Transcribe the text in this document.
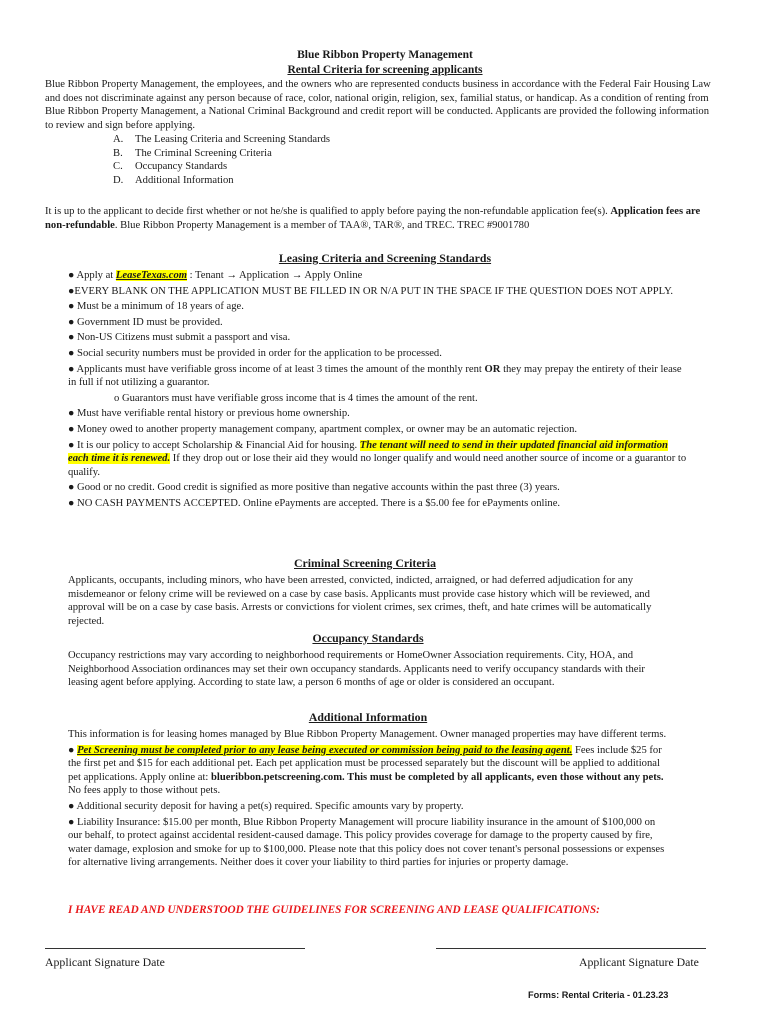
Blue Ribbon Property Management
Rental Criteria for screening applicants

Blue Ribbon Property Management, the employees, and the owners who are represented conducts business in accordance with the Federal Fair Housing Law and does not discriminate against any person because of race, color, national origin, religion, sex, familial status, or handicap. As a condition of renting from Blue Ribbon Property Management, a National Criminal Background and credit report will be conducted. Applicants are provided the following information to review and sign before applying.

A. The Leasing Criteria and Screening Standards
B. The Criminal Screening Criteria
C. Occupancy Standards
D. Additional Information

It is up to the applicant to decide first whether or not he/she is qualified to apply before paying the non-refundable application fee(s). Application fees are non-refundable. Blue Ribbon Property Management is a member of TAA®, TAR®, and TREC. TREC #9001780

Leasing Criteria and Screening Standards

● Apply at LeaseTexas.com : Tenant → Application → Apply Online

●EVERY BLANK ON THE APPLICATION MUST BE FILLED IN OR N/A PUT IN THE SPACE IF THE QUESTION DOES NOT APPLY.

● Must be a minimum of 18 years of age.

● Government ID must be provided.

● Non-US Citizens must submit a passport and visa.

● Social security numbers must be provided in order for the application to be processed.

● Applicants must have verifiable gross income of at least 3 times the amount of the monthly rent OR they may prepay the entirety of their lease in full if not utilizing a guarantor.

o Guarantors must have verifiable gross income that is 4 times the amount of the rent.

● Must have verifiable rental history or previous home ownership.

● Money owed to another property management company, apartment complex, or owner may be an automatic rejection.

● It is our policy to accept Scholarship & Financial Aid for housing. The tenant will need to send in their updated financial aid information each time it is renewed. If they drop out or lose their aid they would no longer qualify and would need another source of income or a guarantor to qualify.

● Good or no credit. Good credit is signified as more positive than negative accounts within the past three (3) years.

● NO CASH PAYMENTS ACCEPTED. Online ePayments are accepted. There is a $5.00 fee for ePayments online.

Criminal Screening Criteria

Applicants, occupants, including minors, who have been arrested, convicted, indicted, arraigned, or had deferred adjudication for any misdemeanor or felony crime will be reviewed on a case by case basis. Applicants must provide case history which will be reviewed, and approval will be on a case by case basis. Arrests or convictions for violent crimes, sex crimes, theft, and hate crimes will be automatically rejected.

Occupancy Standards

Occupancy restrictions may vary according to neighborhood requirements or HomeOwner Association requirements. City, HOA, and Neighborhood Association ordinances may set their own occupancy standards. Applicants need to verify occupancy standards with their leasing agent before applying. According to state law, a person 6 months of age or older is considered an occupant.

Additional Information

This information is for leasing homes managed by Blue Ribbon Property Management. Owner managed properties may have different terms.

● Pet Screening must be completed prior to any lease being executed or commission being paid to the leasing agent. Fees include $25 for the first pet and $15 for each additional pet. Each pet application must be processed separately but the discount will be applied to additional pet applications. Apply online at: blueribbon.petscreening.com. This must be completed by all applicants, even those without any pets. No fees apply to those without pets.

● Additional security deposit for having a pet(s) required. Specific amounts vary by property.

● Liability Insurance: $15.00 per month, Blue Ribbon Property Management will procure liability insurance in the amount of $100,000 on our behalf, to protect against accidental resident-caused damage. This policy provides coverage for damage to the property caused by fire, water damage, explosion and smoke for up to $100,000. Please note that this policy does not cover tenant's personal possessions or expenses for alternative living arrangements. Neither does it cover your liability to third parties for injuries or property damage.

I HAVE READ AND UNDERSTOOD THE GUIDELINES FOR SCREENING AND LEASE QUALIFICATIONS:
Applicant Signature Date	Applicant Signature Date
Forms: Rental Criteria - 01.23.23
